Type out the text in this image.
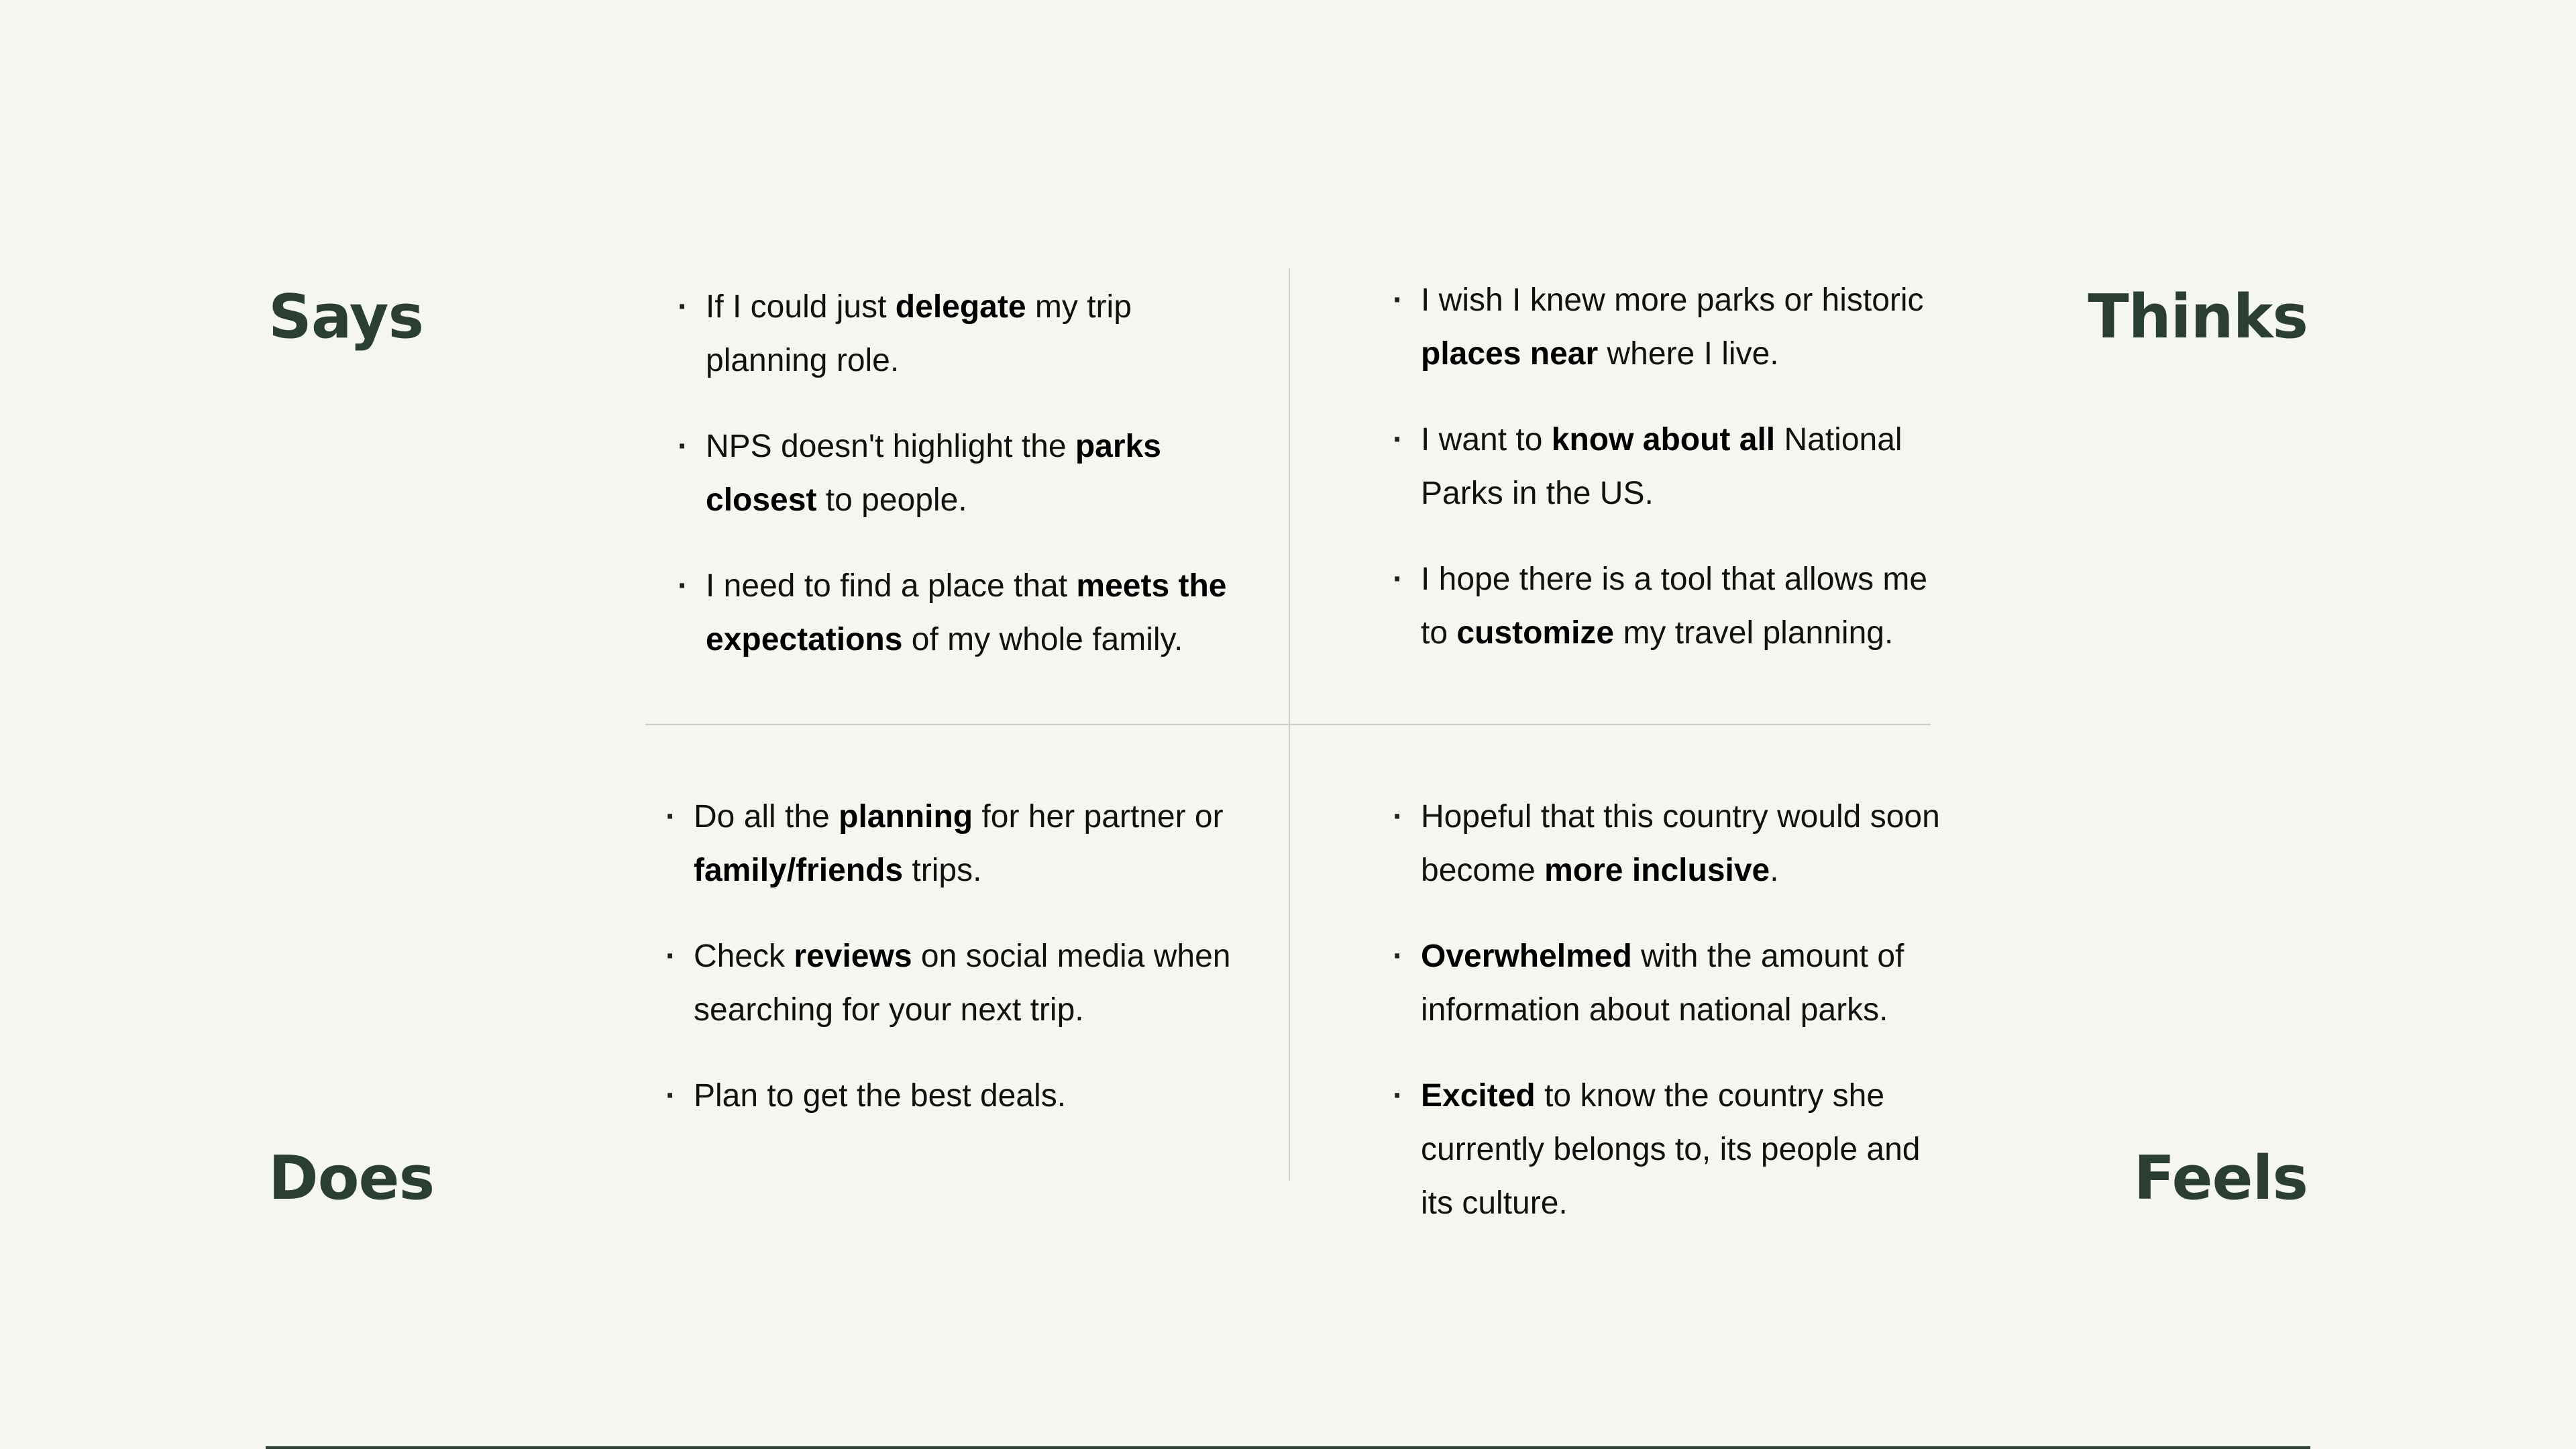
Says	Thinks
Does	Feels
· If I could just delegate my trip planning role.
· NPS doesn't highlight the parks closest to people.
· I need to find a place that meets the expectations of my whole family.
· I wish I knew more parks or historic places near where I live.
· I want to know about all National Parks in the US.
· I hope there is a tool that allows me to customize my travel planning.
· Do all the planning for her partner or family/friends trips.
· Check reviews on social media when searching for your next trip.
· Plan to get the best deals.
· Hopeful that this country would soon become more inclusive.
· Overwhelmed with the amount of information about national parks.
· Excited to know the country she currently belongs to, its people and its culture.
